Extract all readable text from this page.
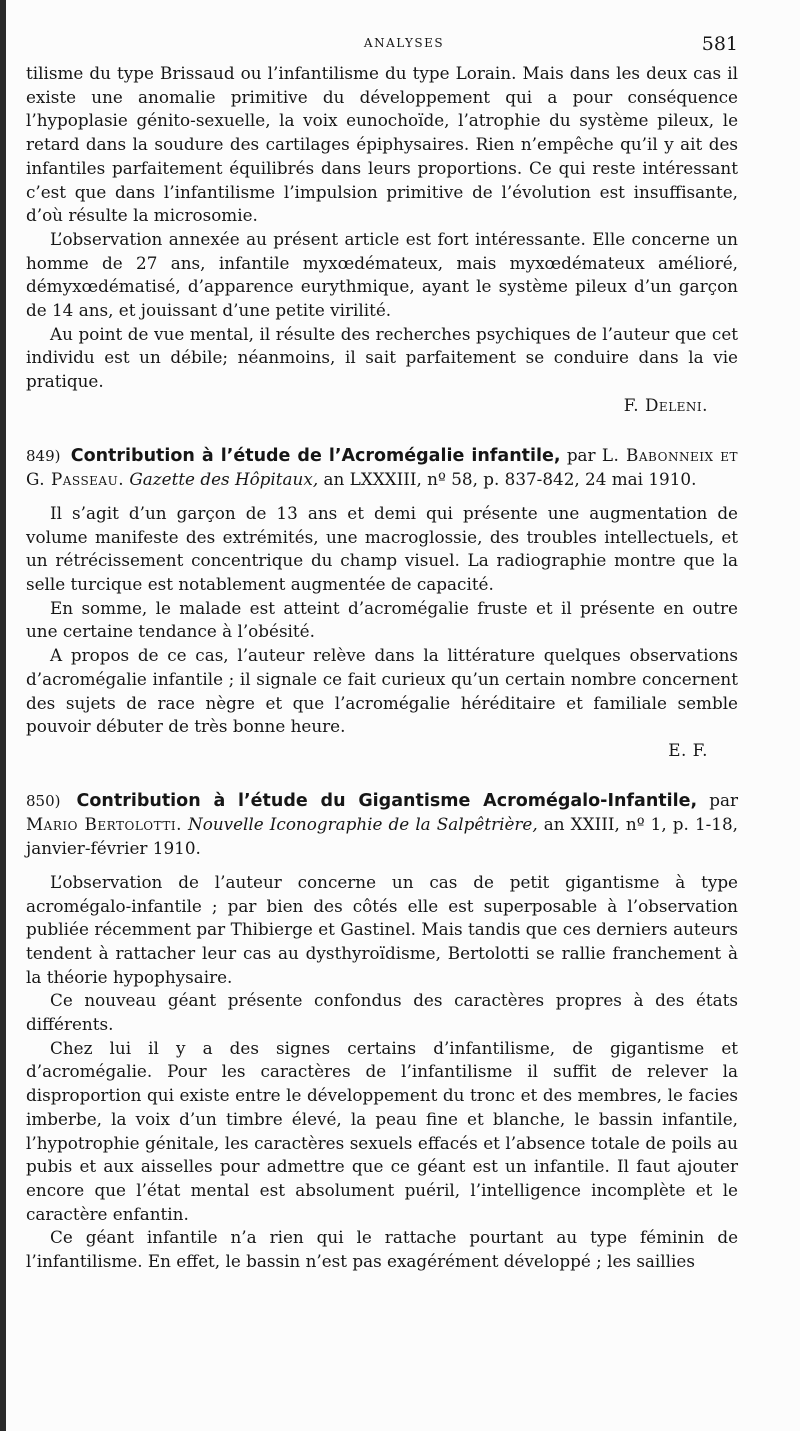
ANALYSES	581

tilisme du type Brissaud ou l’infantilisme du type Lorain. Mais dans les deux cas il existe une anomalie primitive du développement qui a pour conséquence l’hypoplasie génito-sexuelle, la voix eunochoïde, l’atrophie du système pileux, le retard dans la soudure des cartilages épiphysaires. Rien n’empêche qu’il y ait des infantiles parfaitement équilibrés dans leurs proportions. Ce qui reste intéressant c’est que dans l’infantilisme l’impulsion primitive de l’évolution est insuffisante, d’où résulte la microsomie.

L’observation annexée au présent article est fort intéressante. Elle concerne un homme de 27 ans, infantile myxœdémateux, mais myxœdémateux amélioré, démyxœdématisé, d’apparence eurythmique, ayant le système pileux d’un garçon de 14 ans, et jouissant d’une petite virilité.

Au point de vue mental, il résulte des recherches psychiques de l’auteur que cet individu est un débile; néanmoins, il sait parfaitement se conduire dans la vie pratique.

F. Deleni.

849) Contribution à l’étude de l’Acromégalie infantile, par L. Babonneix et G. Passeau. Gazette des Hôpitaux, an LXXXIII, nº 58, p. 837-842, 24 mai 1910.

Il s’agit d’un garçon de 13 ans et demi qui présente une augmentation de volume manifeste des extrémités, une macroglossie, des troubles intellectuels, et un rétrécissement concentrique du champ visuel. La radiographie montre que la selle turcique est notablement augmentée de capacité.

En somme, le malade est atteint d’acromégalie fruste et il présente en outre une certaine tendance à l’obésité.

A propos de ce cas, l’auteur relève dans la littérature quelques observations d’acromégalie infantile ; il signale ce fait curieux qu’un certain nombre concernent des sujets de race nègre et que l’acromégalie héréditaire et familiale semble pouvoir débuter de très bonne heure.

E. F.

850) Contribution à l’étude du Gigantisme Acromégalo-Infantile, par Mario Bertolotti. Nouvelle Iconographie de la Salpêtrière, an XXIII, nº 1, p. 1-18, janvier-février 1910.

L’observation de l’auteur concerne un cas de petit gigantisme à type acromégalo-infantile ; par bien des côtés elle est superposable à l’observation publiée récemment par Thibierge et Gastinel. Mais tandis que ces derniers auteurs tendent à rattacher leur cas au dysthyroïdisme, Bertolotti se rallie franchement à la théorie hypophysaire.

Ce nouveau géant présente confondus des caractères propres à des états différents.

Chez lui il y a des signes certains d’infantilisme, de gigantisme et d’acromégalie. Pour les caractères de l’infantilisme il suffit de relever la disproportion qui existe entre le développement du tronc et des membres, le facies imberbe, la voix d’un timbre élevé, la peau fine et blanche, le bassin infantile, l’hypotrophie génitale, les caractères sexuels effacés et l’absence totale de poils au pubis et aux aisselles pour admettre que ce géant est un infantile. Il faut ajouter encore que l’état mental est absolument puéril, l’intelligence incomplète et le caractère enfantin.

Ce géant infantile n’a rien qui le rattache pourtant au type féminin de l’infantilisme. En effet, le bassin n’est pas exagérément développé ; les saillies
